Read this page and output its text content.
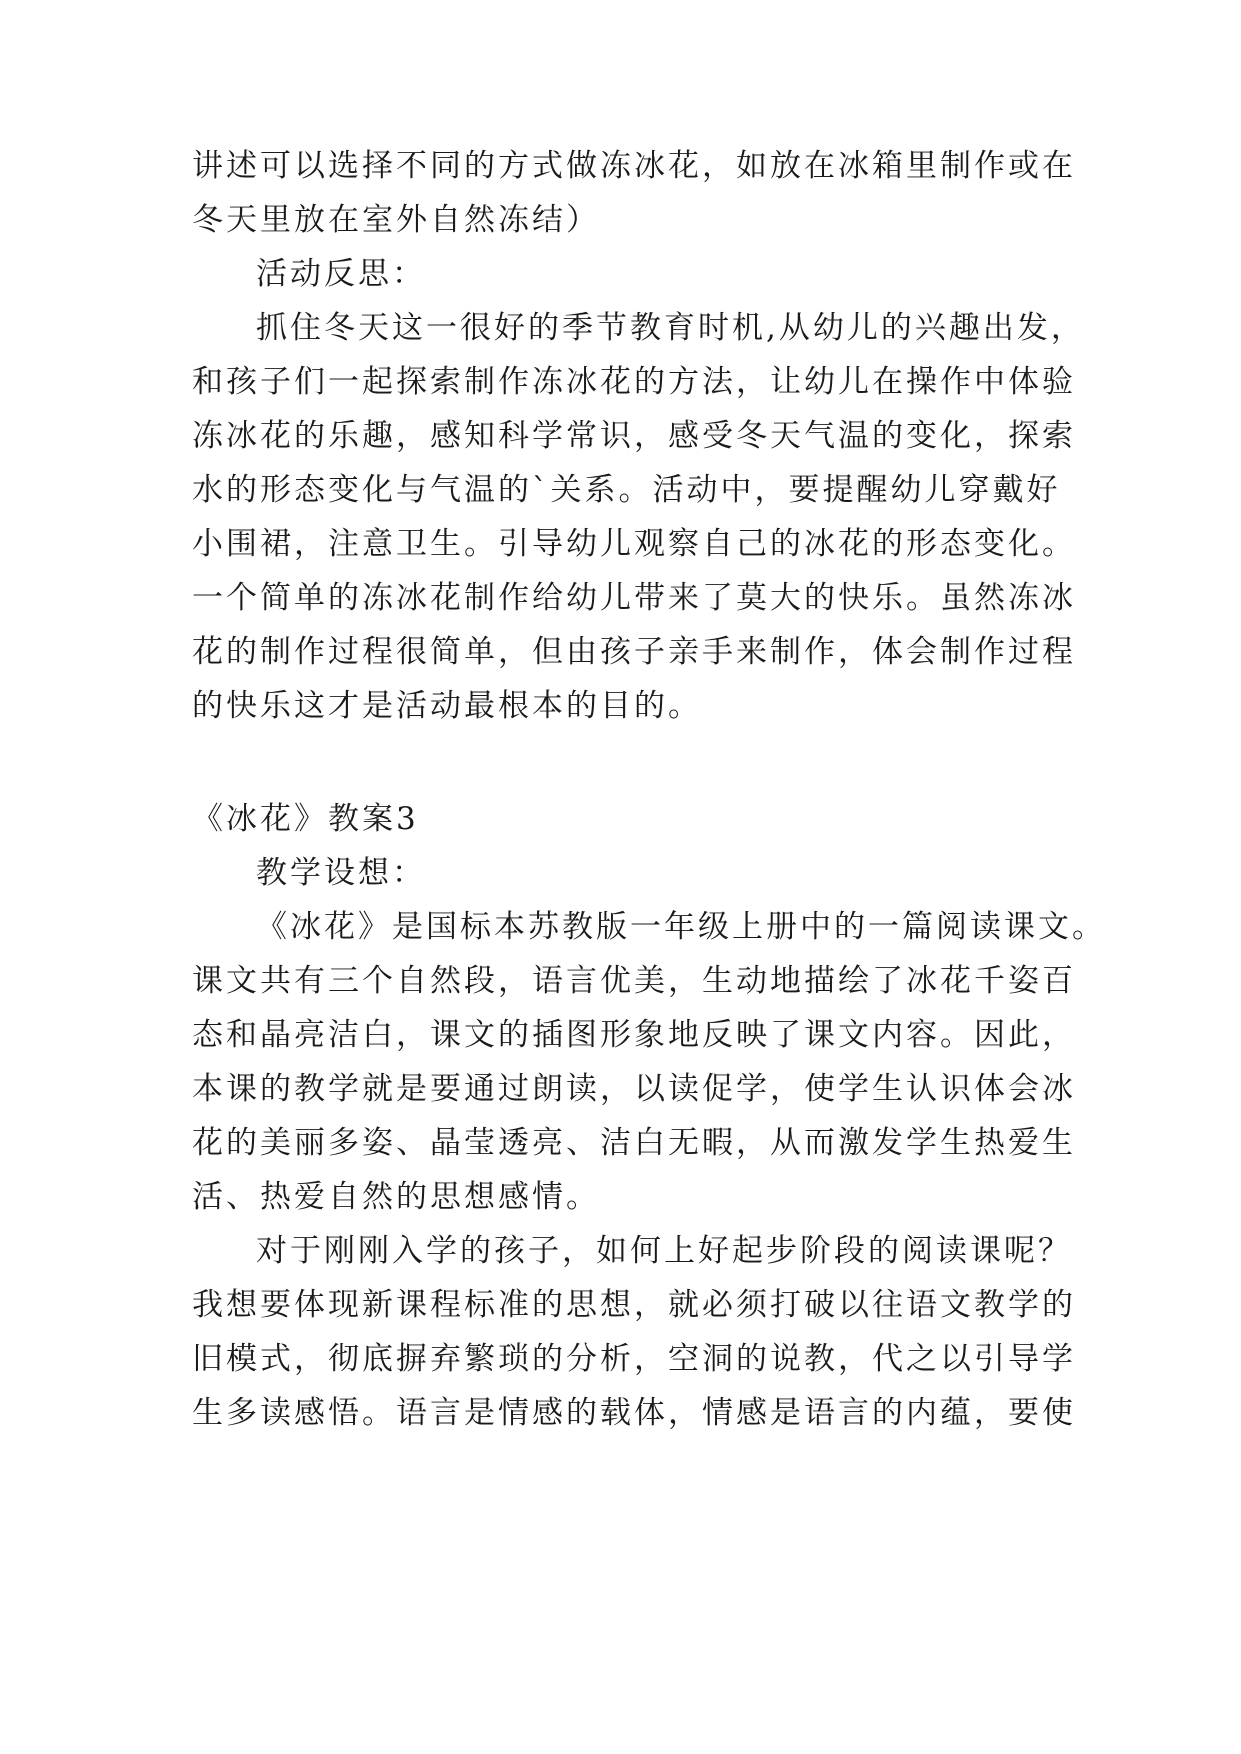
讲述可以选择不同的方式做冻冰花，如放在冰箱里制作或在
冬天里放在室外自然冻结）
活动反思：
抓住冬天这一很好的季节教育时机,从幼儿的兴趣出发，
和孩子们一起探索制作冻冰花的方法，让幼儿在操作中体验
冻冰花的乐趣，感知科学常识，感受冬天气温的变化，探索
水的形态变化与气温的`关系。活动中，要提醒幼儿穿戴好
小围裙，注意卫生。引导幼儿观察自己的冰花的形态变化。
一个简单的冻冰花制作给幼儿带来了莫大的快乐。虽然冻冰
花的制作过程很简单，但由孩子亲手来制作，体会制作过程
的快乐这才是活动最根本的目的。
《冰花》教案3
教学设想：
《冰花》是国标本苏教版一年级上册中的一篇阅读课文。
课文共有三个自然段，语言优美，生动地描绘了冰花千姿百
态和晶亮洁白，课文的插图形象地反映了课文内容。因此，
本课的教学就是要通过朗读，以读促学，使学生认识体会冰
花的美丽多姿、晶莹透亮、洁白无暇，从而激发学生热爱生
活、热爱自然的思想感情。
对于刚刚入学的孩子，如何上好起步阶段的阅读课呢？
我想要体现新课程标准的思想，就必须打破以往语文教学的
旧模式，彻底摒弃繁琐的分析，空洞的说教，代之以引导学
生多读感悟。语言是情感的载体，情感是语言的内蕴，要使
